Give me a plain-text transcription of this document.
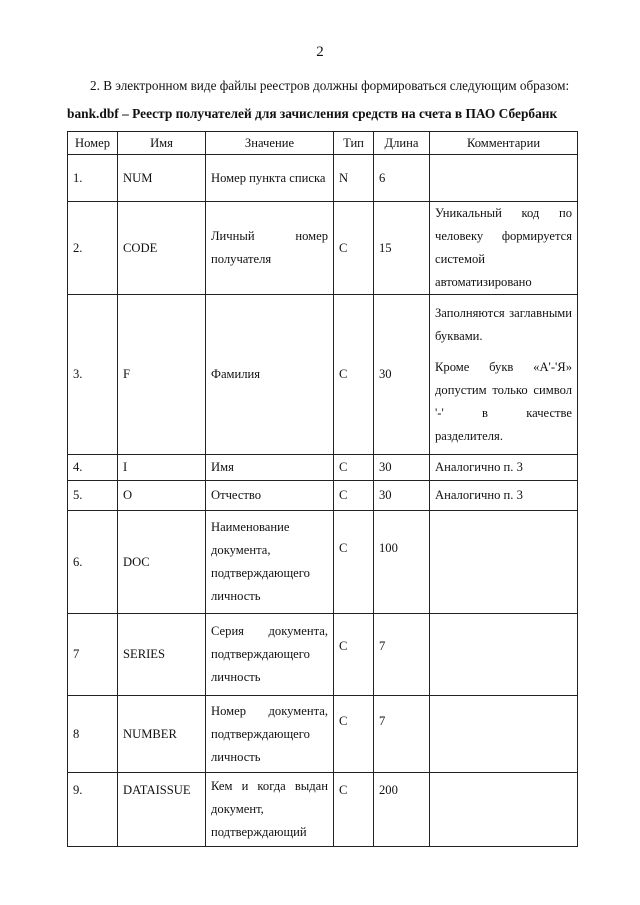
2
2. В электронном виде файлы реестров должны формироваться следующим образом:
bank.dbf – Реестр получателей для зачисления средств на счета в ПАО Сбербанк
Номер	Имя	Значение	Тип	Длина	Комментарии
1.	NUM	Номер пункта списка	N	6	
2.	CODE	Личный номер получателя	C	15	Уникальный код по человеку формируется системой автоматизировано

3.	F	Фамилия	C	30	Заполняются заглавными буквами.

Кроме букв «А'-'Я» допустим только символ '-' в качестве разделителя.

4.	I	Имя	C	30	Аналогично п. 3

5.	O	Отчество	C	30	Аналогично п. 3

6.	DOC	Наименование документа, подтверждающего личность	C	100	
7	SERIES	Серия документа, подтверждающего личность	C	7	
8	NUMBER	Номер документа, подтверждающего личность	C	7	
9.	DATAISSUE	Кем и когда выдан документ, подтверждающий	C	200	
